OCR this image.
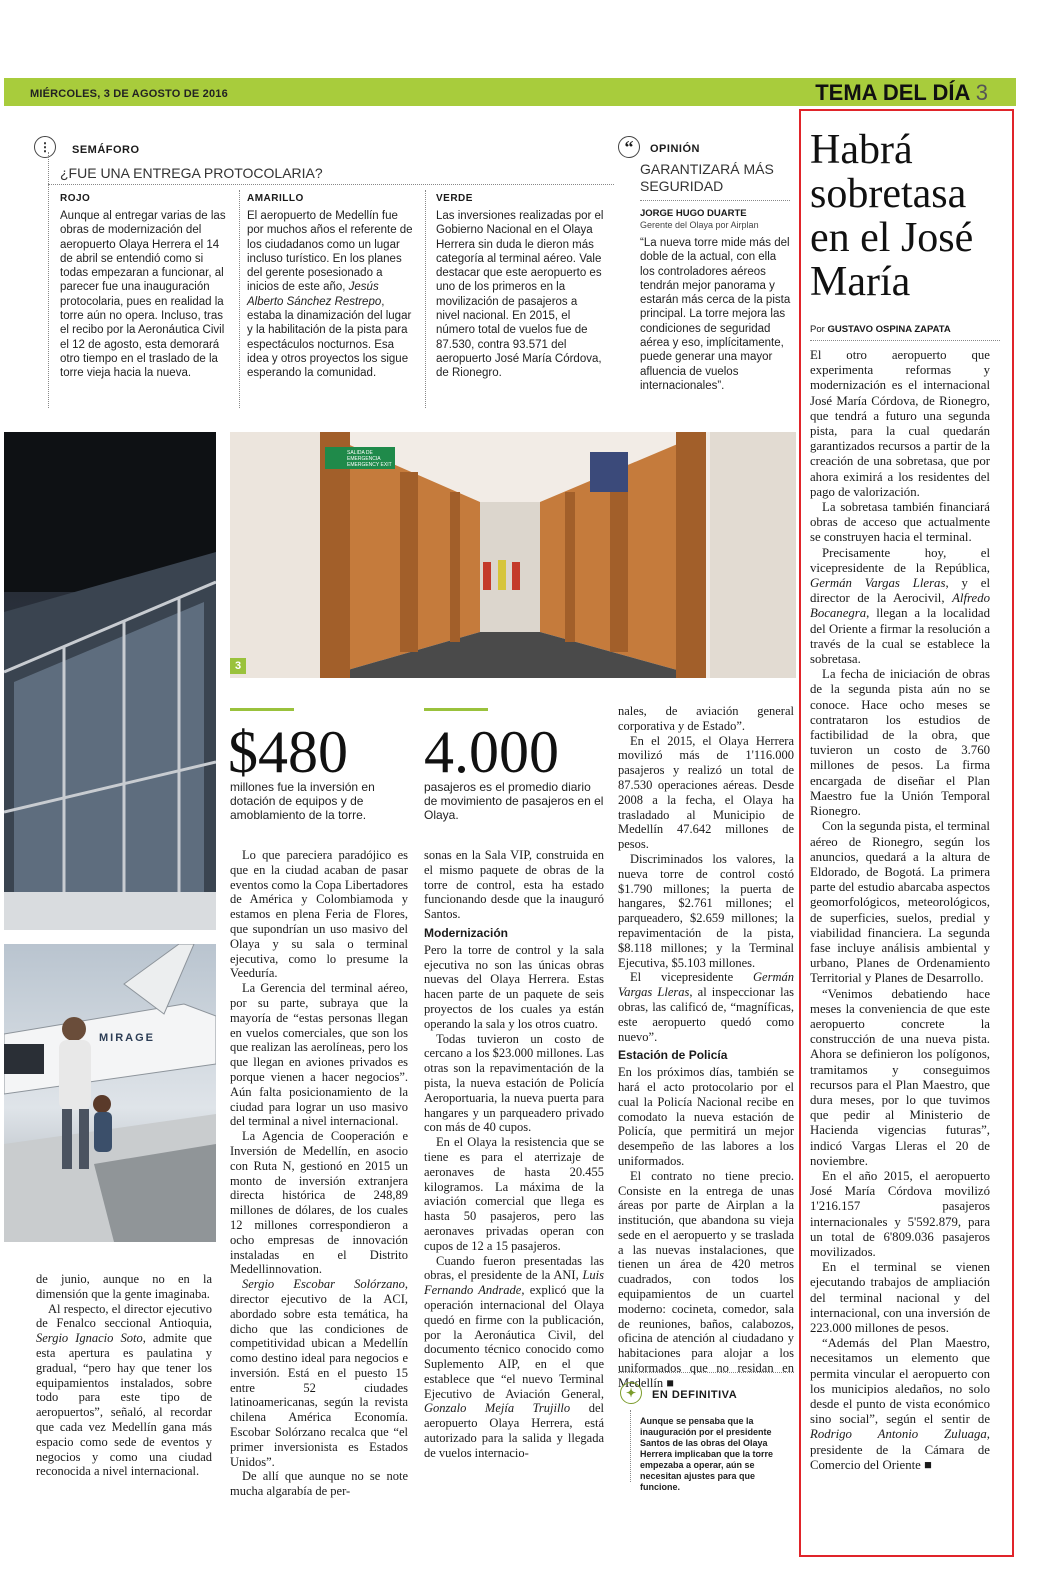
MIÉRCOLES, 3 DE AGOSTO DE 2016	TEMA DEL DÍA 3
⋮	SEMÁFORO
¿FUE UNA ENTREGA PROTOCOLARIA?
ROJO
Aunque al entregar varias de las obras de modernización del aeropuerto Olaya Herrera el 14 de abril se entendió como si todas empezaran a funcionar, al parecer fue una inauguración protocolaria, pues en realidad la torre aún no opera. Incluso, tras el recibo por la Aeronáutica Civil el 12 de agosto, esta demorará otro tiempo en el traslado de la torre vieja hacia la nueva.
AMARILLO
El aeropuerto de Medellín fue por muchos años el referente de los ciudadanos como un lugar incluso turístico. En los planes del gerente posesionado a inicios de este año, Jesús Alberto Sánchez Restrepo, estaba la dinamización del lugar y la habilitación de la pista para espectáculos nocturnos. Esa idea y otros proyectos los sigue esperando la comunidad.
VERDE
Las inversiones realizadas por el Gobierno Nacional en el Olaya Herrera sin duda le dieron más categoría al terminal aéreo. Vale destacar que este aeropuerto es uno de los primeros en la movilización de pasajeros a nivel nacional. En 2015, el número total de vuelos fue de 87.530, contra 93.571 del aeropuerto José María Córdova, de Rionegro.
“	OPINIÓN
GARANTIZARÁ MÁS SEGURIDAD
JORGE HUGO DUARTE
Gerente del Olaya por Airplan
“La nueva torre mide más del doble de la actual, con ella los controladores aéreos tendrán mejor panorama y estarán más cerca de la pista principal. La torre mejora las condiciones de seguridad aérea y eso, implícitamente, puede generar una mayor afluencia de vuelos internacionales”.
Habrá sobretasa en el José María
Por GUSTAVO OSPINA ZAPATA

El otro aeropuerto que experimenta reformas y modernización es el internacional José María Córdova, de Rionegro, que tendrá a futuro una segunda pista, para la cual quedarán garantizados recursos a partir de la creación de una sobretasa, que por ahora eximirá a los residentes del pago de valorización.

La sobretasa también financiará obras de acceso que actualmente se construyen hacia el terminal.

Precisamente hoy, el vicepresidente de la República, Germán Vargas Lleras, y el director de la Aerocivil, Alfredo Bocanegra, llegan a la localidad del Oriente a firmar la resolución a través de la cual se establece la sobretasa.

La fecha de iniciación de obras de la segunda pista aún no se conoce. Hace ocho meses se contrataron los estudios de factibilidad de la obra, que tuvieron un costo de 3.760 millones de pesos. La firma encargada de diseñar el Plan Maestro fue la Unión Temporal Rionegro.

Con la segunda pista, el terminal aéreo de Rionegro, según los anuncios, quedará a la altura de Eldorado, de Bogotá. La primera parte del estudio abarcaba aspectos geomorfológicos, meteorológicos, de superficies, suelos, predial y viabilidad financiera. La segunda fase incluye análisis ambiental y urbano, Planes de Ordenamiento Territorial y Planes de Desarrollo.

“Venimos debatiendo hace meses la conveniencia de que este aeropuerto concrete la construcción de una nueva pista. Ahora se definieron los polígonos, tramitamos y conseguimos recursos para el Plan Maestro, que dura meses, por lo que tuvimos que pedir al Ministerio de Hacienda vigencias futuras”, indicó Vargas Lleras el 20 de noviembre.

En el año 2015, el aeropuerto José María Córdova movilizó 1'216.157 pasajeros internacionales y 5'592.879, para un total de 6'809.036 pasajeros movilizados.

En el terminal se vienen ejecutando trabajos de ampliación del terminal nacional y del internacional, con una inversión de 223.000 millones de pesos.

“Además del Plan Maestro, necesitamos un elemento que permita vincular el aeropuerto con los municipios aledaños, no solo desde el punto de vista económico sino social”, según el sentir de Rodrigo Antonio Zuluaga, presidente de la Cámara de Comercio del Oriente ■

MIRAGE
SALIDA DE EMERGENCIA EMERGENCY EXIT
3
$480
millones fue la inversión en dotación de equipos y de amoblamiento de la torre.
4.000
pasajeros es el promedio diario de movimiento de pasajeros en el Olaya.

de junio, aunque no en la dimensión que la gente imaginaba.

Al respecto, el director ejecutivo de Fenalco seccional Antioquia, Sergio Ignacio Soto, admite que esta apertura es paulatina y gradual, “pero hay que tener los equipamientos instalados, sobre todo para este tipo de aeropuertos”, señaló, al recordar que cada vez Medellín gana más espacio como sede de eventos y negocios y como una ciudad reconocida a nivel internacional.

Lo que pareciera paradójico es que en la ciudad acaban de pasar eventos como la Copa Libertadores de América y Colombiamoda y estamos en plena Feria de Flores, que supondrían un uso masivo del Olaya y su sala o terminal ejecutiva, como lo presume la Veeduría.

La Gerencia del terminal aéreo, por su parte, subraya que la mayoría de “estas personas llegan en vuelos comerciales, que son los que realizan las aerolíneas, pero los que llegan en aviones privados es porque vienen a hacer negocios”. Aún falta posicionamiento de la ciudad para lograr un uso masivo del terminal a nivel internacional.

La Agencia de Cooperación e Inversión de Medellín, en asocio con Ruta N, gestionó en 2015 un monto de inversión extranjera directa histórica de 248,89 millones de dólares, de los cuales 12 millones correspondieron a ocho empresas de innovación instaladas en el Distrito Medellinnovation.

Sergio Escobar Solórzano, director ejecutivo de la ACI, abordado sobre esta temática, ha dicho que las condiciones de competitividad ubican a Medellín como destino ideal para negocios e inversión. Está en el puesto 15 entre 52 ciudades latinoamericanas, según la revista chilena América Economía. Escobar Solórzano recalca que “el primer inversionista es Estados Unidos”.

De allí que aunque no se note mucha algarabía de per-

sonas en la Sala VIP, construida en el mismo paquete de obras de la torre de control, esta ha estado funcionando desde que la inauguró Santos.

Modernización

Pero la torre de control y la sala ejecutiva no son las únicas obras nuevas del Olaya Herrera. Estas hacen parte de un paquete de seis proyectos de los cuales ya están operando la sala y los otros cuatro.

Todas tuvieron un costo de cercano a los $23.000 millones. Las otras son la repavimentación de la pista, la nueva estación de Policía Aeroportuaria, la nueva puerta para hangares y un parqueadero privado con más de 40 cupos.

En el Olaya la resistencia que se tiene es para el aterrizaje de aeronaves de hasta 20.455 kilogramos. La máxima de la aviación comercial que llega es hasta 50 pasajeros, pero las aeronaves privadas operan con cupos de 12 a 15 pasajeros.

Cuando fueron presentadas las obras, el presidente de la ANI, Luis Fernando Andrade, explicó que la operación internacional del Olaya quedó en firme con la publicación, por la Aeronáutica Civil, del documento técnico conocido como Suplemento AIP, en el que establece que “el nuevo Terminal Ejecutivo de Aviación General, Gonzalo Mejía Trujillo del aeropuerto Olaya Herrera, está autorizado para la salida y llegada de vuelos internacio-

nales, de aviación general corporativa y de Estado”.

En el 2015, el Olaya Herrera movilizó más de 1'116.000 pasajeros y realizó un total de 87.530 operaciones aéreas. Desde 2008 a la fecha, el Olaya ha trasladado al Municipio de Medellín 47.642 millones de pesos.

Discriminados los valores, la nueva torre de control costó $1.790 millones; la puerta de hangares, $2.761 millones; el parqueadero, $2.659 millones; la repavimentación de la pista, $8.118 millones; y la Terminal Ejecutiva, $5.103 millones.

El vicepresidente Germán Vargas Lleras, al inspeccionar las obras, las calificó de, “magníficas, este aeropuerto quedó como nuevo”.

Estación de Policía

En los próximos días, también se hará el acto protocolario por el cual la Policía Nacional recibe en comodato la nueva estación de Policía, que permitirá un mejor desempeño de las labores a los uniformados.

El contrato no tiene precio. Consiste en la entrega de unas áreas por parte de Airplan a la institución, que abandona su vieja sede en el aeropuerto y se traslada a las nuevas instalaciones, que tienen un área de 420 metros cuadrados, con todos los equipamientos de un cuartel moderno: cocineta, comedor, sala de reuniones, baños, calabozos, oficina de atención al ciudadano y habitaciones para alojar a los uniformados que no residan en Medellín ■

✦	EN DEFINITIVA
Aunque se pensaba que la inauguración por el presidente Santos de las obras del Olaya Herrera implicaban que la torre empezaba a operar, aún se necesitan ajustes para que funcione.
